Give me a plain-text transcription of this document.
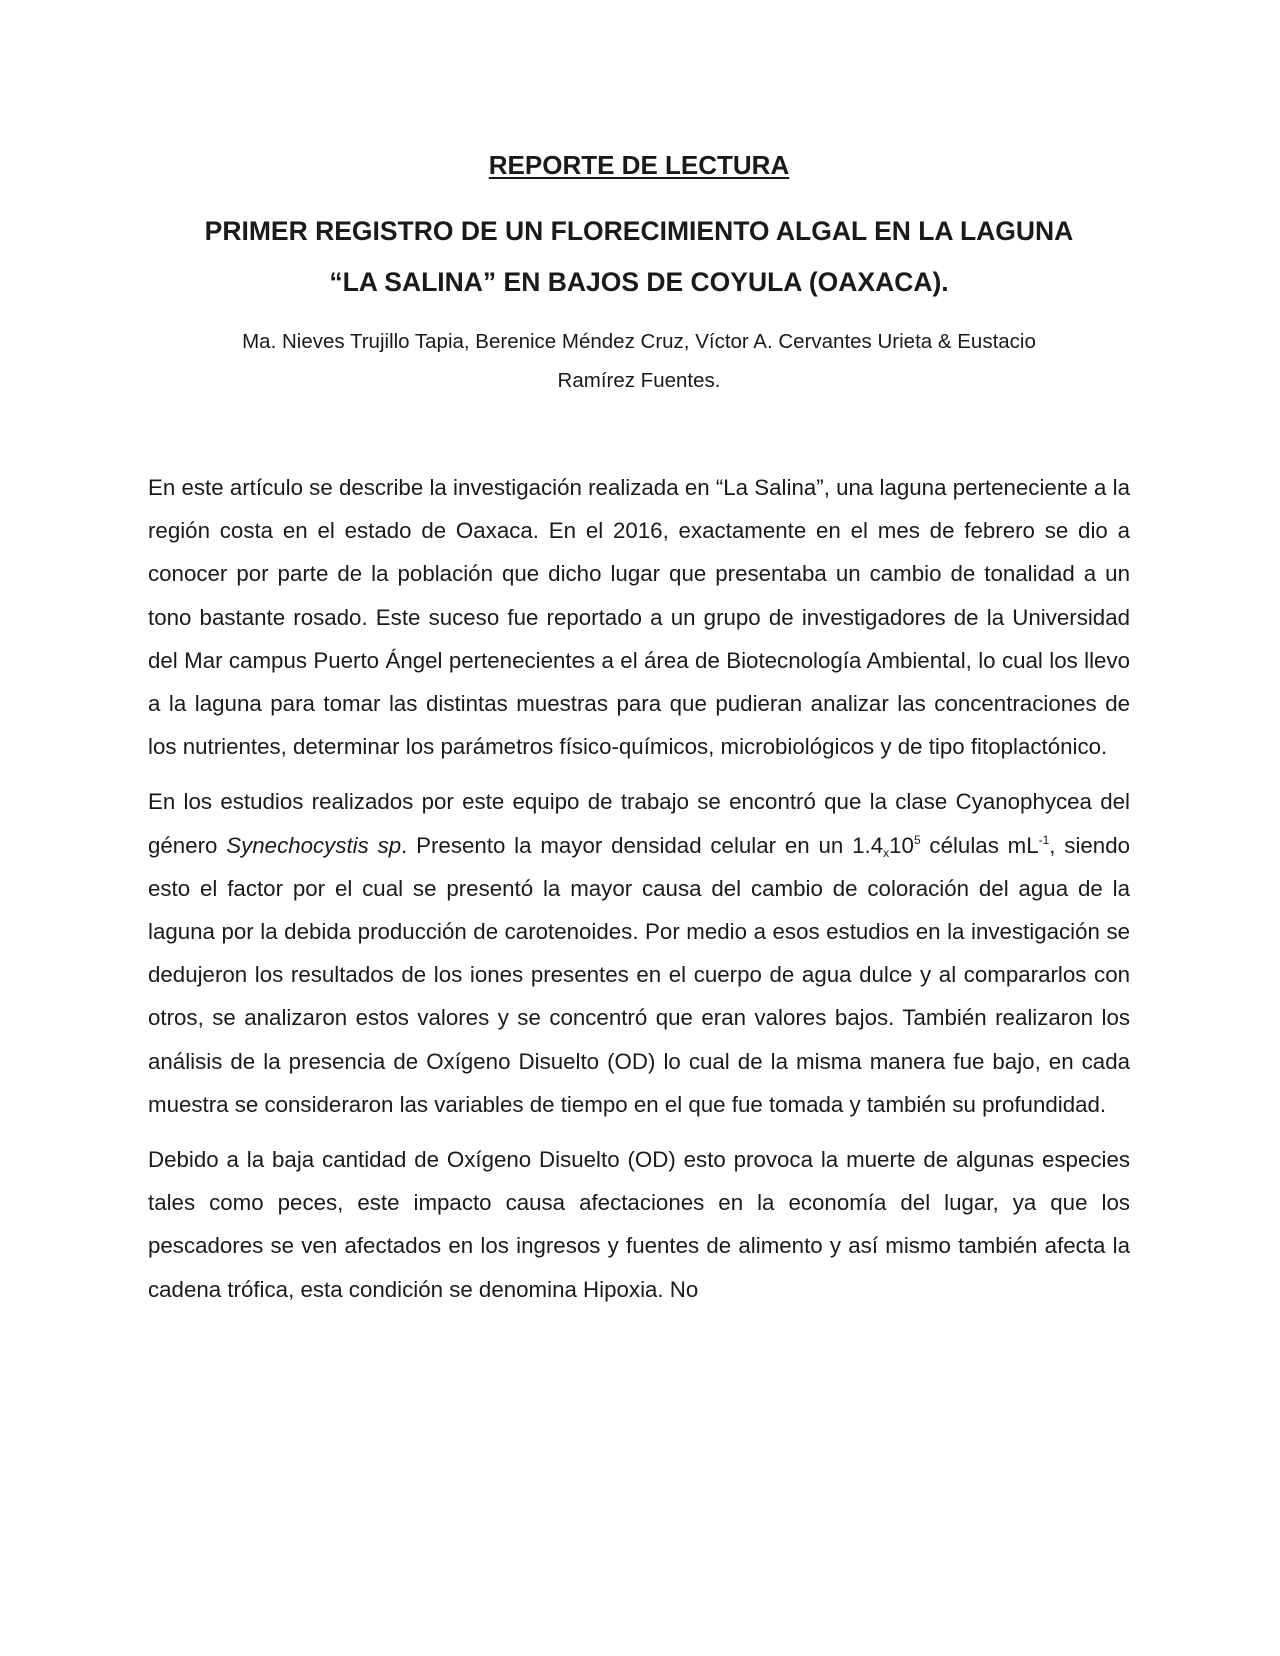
REPORTE DE LECTURA
PRIMER REGISTRO DE UN FLORECIMIENTO ALGAL EN LA LAGUNA
“LA SALINA” EN BAJOS DE COYULA (OAXACA).

Ma. Nieves Trujillo Tapia, Berenice Méndez Cruz, Víctor A. Cervantes Urieta & Eustacio
Ramírez Fuentes.

En este artículo se describe la investigación realizada en “La Salina”, una laguna perteneciente a la región costa en el estado de Oaxaca. En el 2016, exactamente en el mes de febrero se dio a conocer por parte de la población que dicho lugar que presentaba un cambio de tonalidad a un tono bastante rosado. Este suceso fue reportado a un grupo de investigadores de la Universidad del Mar campus Puerto Ángel pertenecientes a el área de Biotecnología Ambiental, lo cual los llevo a la laguna para tomar las distintas muestras para que pudieran analizar las concentraciones de los nutrientes, determinar los parámetros físico-químicos, microbiológicos y de tipo fitoplactónico.

En los estudios realizados por este equipo de trabajo se encontró que la clase Cyanophycea del género Synechocystis sp. Presento la mayor densidad celular en un $1.4_x10^5$ células $mL^{-1}$, siendo esto el factor por el cual se presentó la mayor causa del cambio de coloración del agua de la laguna por la debida producción de carotenoides. Por medio a esos estudios en la investigación se dedujeron los resultados de los iones presentes en el cuerpo de agua dulce y al compararlos con otros, se analizaron estos valores y se concentró que eran valores bajos. También realizaron los análisis de la presencia de Oxígeno Disuelto (OD) lo cual de la misma manera fue bajo, en cada muestra se consideraron las variables de tiempo en el que fue tomada y también su profundidad.

Debido a la baja cantidad de Oxígeno Disuelto (OD) esto provoca la muerte de algunas especies tales como peces, este impacto causa afectaciones en la economía del lugar, ya que los pescadores se ven afectados en los ingresos y fuentes de alimento y así mismo también afecta la cadena trófica, esta condición se denomina Hipoxia. No
